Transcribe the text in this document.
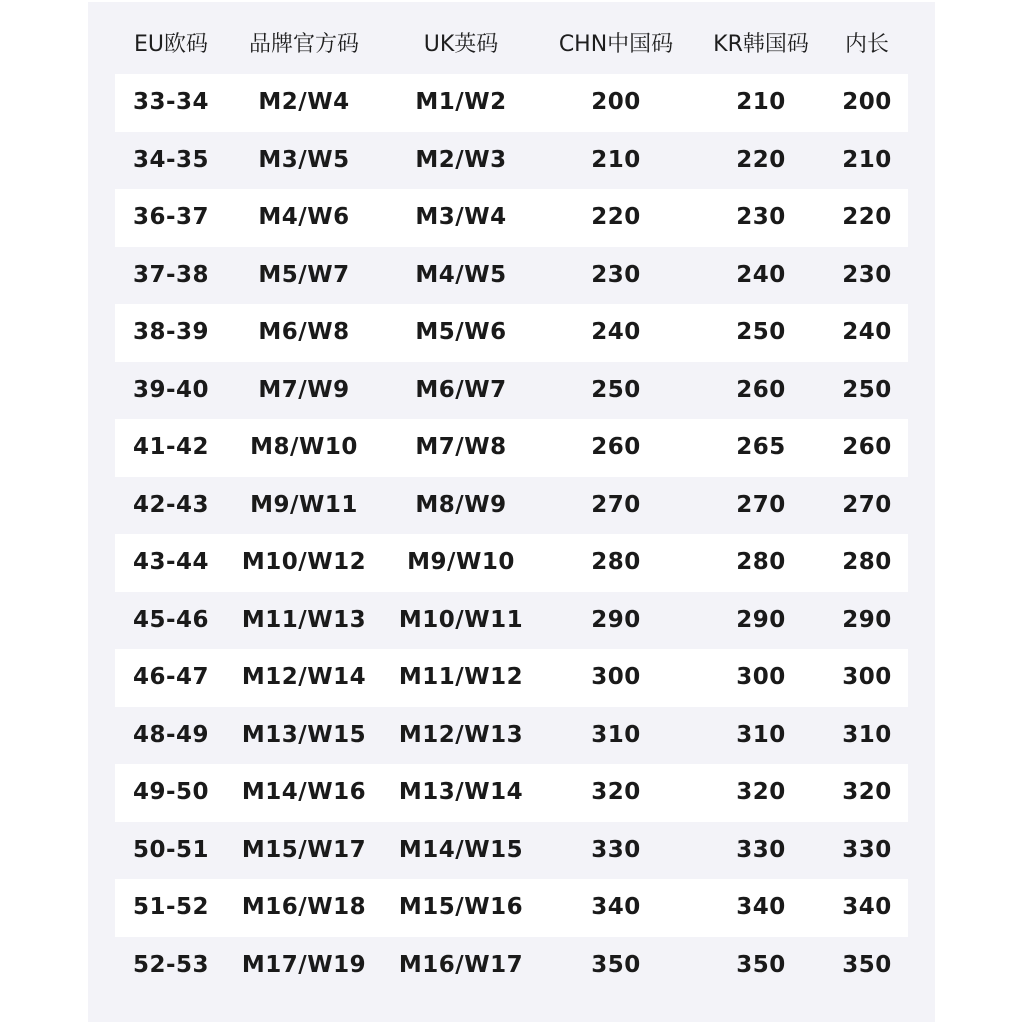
EU欧码	品牌官方码	UK英码	CHN中国码	KR韩国码	内长
33-34	M2/W4	M1/W2	200	210	200
34-35	M3/W5	M2/W3	210	220	210
36-37	M4/W6	M3/W4	220	230	220
37-38	M5/W7	M4/W5	230	240	230
38-39	M6/W8	M5/W6	240	250	240
39-40	M7/W9	M6/W7	250	260	250
41-42	M8/W10	M7/W8	260	265	260
42-43	M9/W11	M8/W9	270	270	270
43-44	M10/W12	M9/W10	280	280	280
45-46	M11/W13	M10/W11	290	290	290
46-47	M12/W14	M11/W12	300	300	300
48-49	M13/W15	M12/W13	310	310	310
49-50	M14/W16	M13/W14	320	320	320
50-51	M15/W17	M14/W15	330	330	330
51-52	M16/W18	M15/W16	340	340	340
52-53	M17/W19	M16/W17	350	350	350
